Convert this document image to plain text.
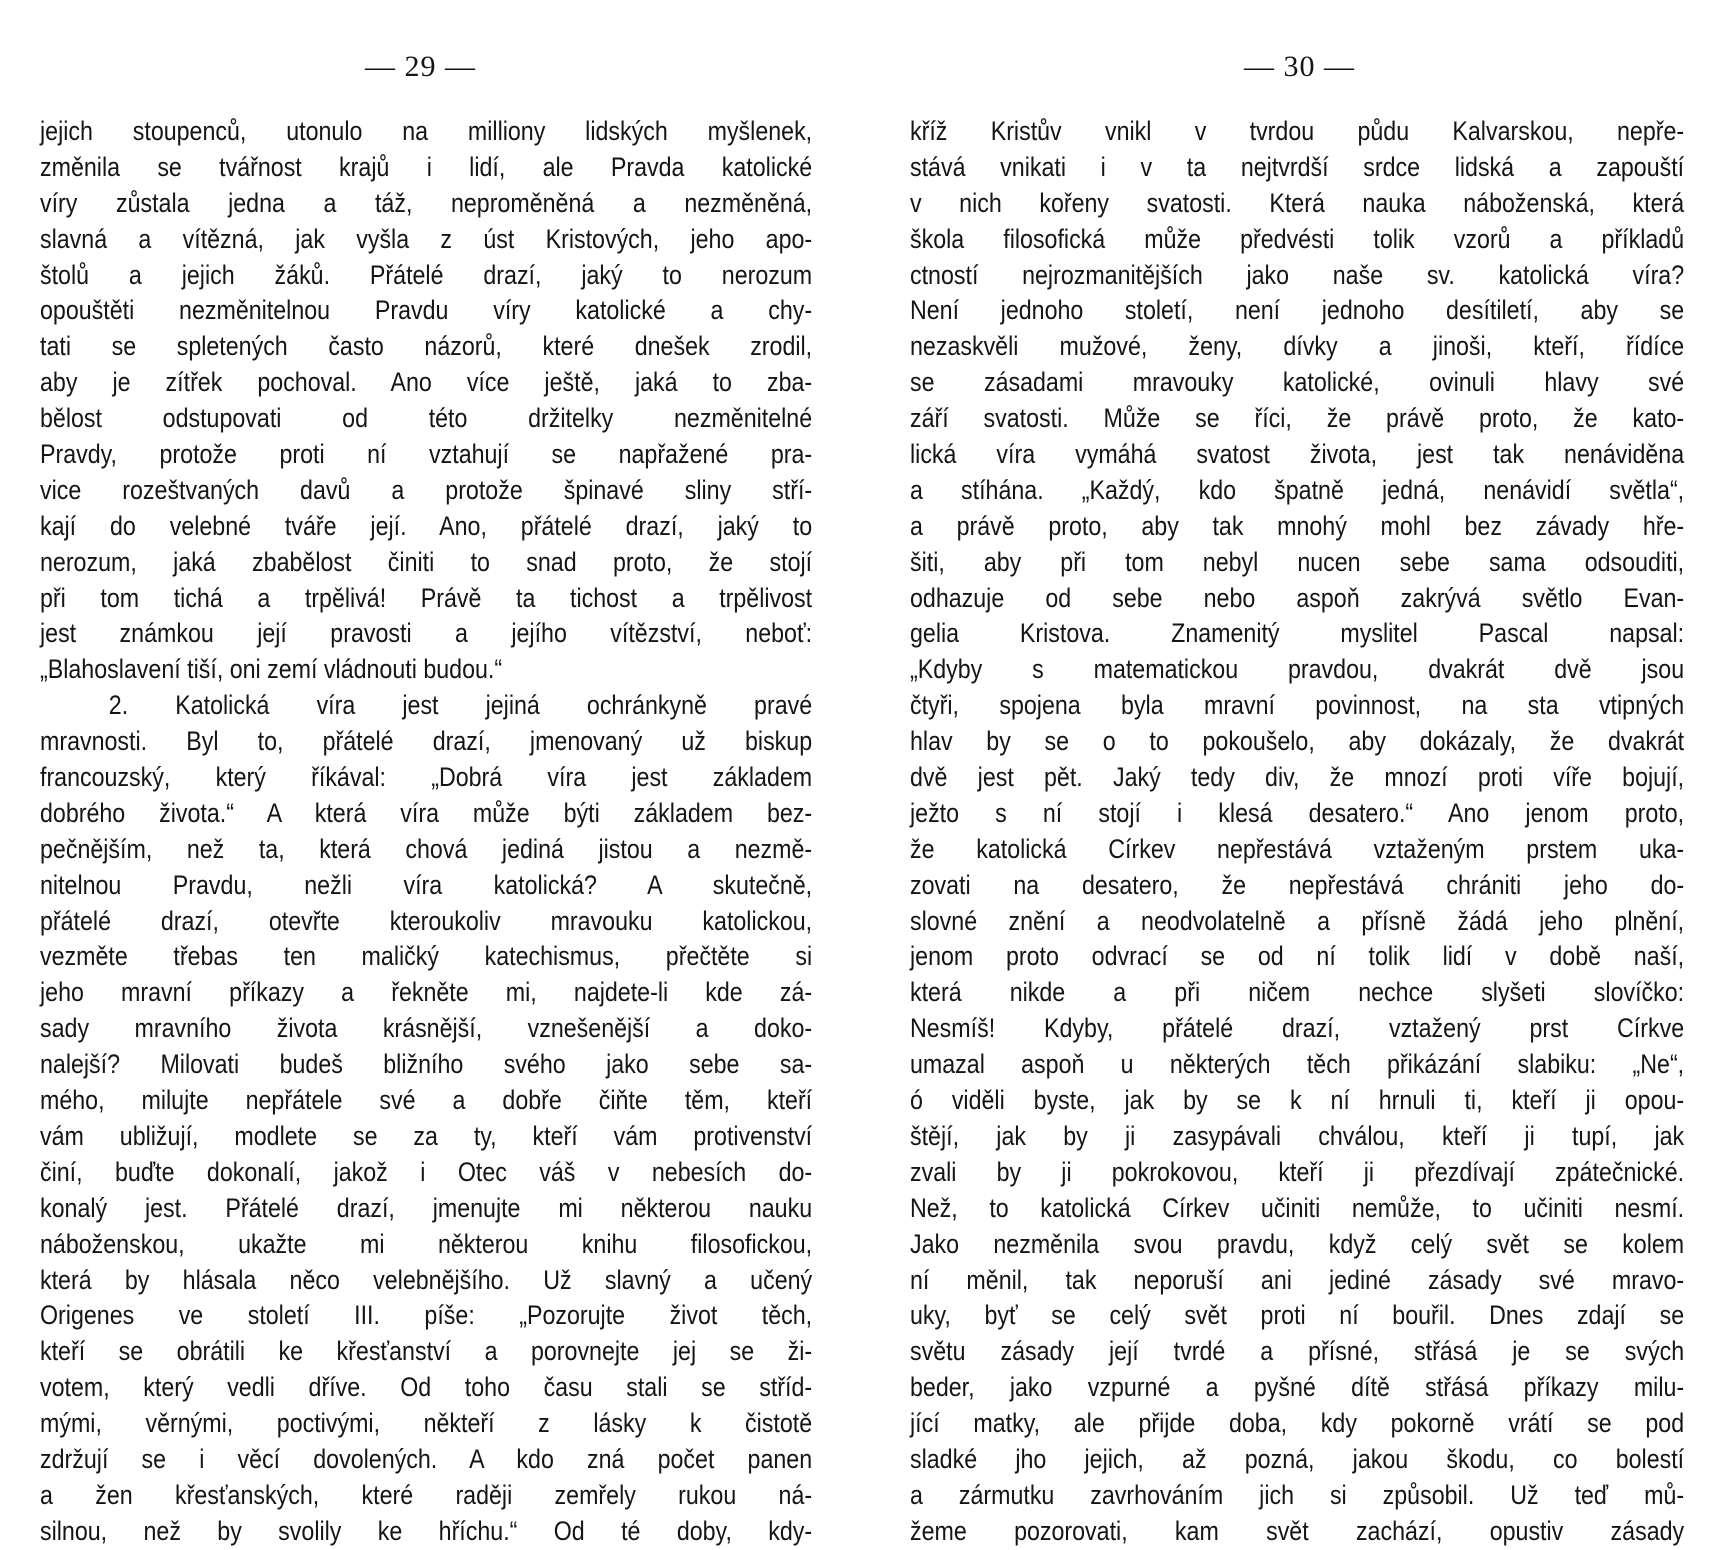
— 29 —
jejich stoupenců, utonulo na milliony lidských myšlenek,
změnila se tvářnost krajů i lidí, ale Pravda katolické
víry zůstala jedna a táž, neproměněná a nezměněná,
slavná a vítězná, jak vyšla z úst Kristových, jeho apo-
štolů a jejich žáků. Přátelé drazí, jaký to nerozum
opouštěti nezměnitelnou Pravdu víry katolické a chy-
tati se spletených často názorů, které dnešek zrodil,
aby je zítřek pochoval. Ano více ještě, jaká to zba-
bělost odstupovati od této držitelky nezměnitelné
Pravdy, protože proti ní vztahují se napřažené pra-
vice rozeštvaných davů a protože špinavé sliny stří-
kají do velebné tváře její. Ano, přátelé drazí, jaký to
nerozum, jaká zbabělost činiti to snad proto, že stojí
při tom tichá a trpělivá! Právě ta tichost a trpělivost
jest známkou její pravosti a jejího vítězství, neboť:
„Blahoslavení tiší, oni zemí vládnouti budou.“
2. Katolická víra jest jejiná ochránkyně pravé
mravnosti. Byl to, přátelé drazí, jmenovaný už biskup
francouzský, který říkával: „Dobrá víra jest základem
dobrého života.“ A která víra může býti základem bez-
pečnějším, než ta, která chová jediná jistou a nezmě-
nitelnou Pravdu, nežli víra katolická? A skutečně,
přátelé drazí, otevřte kteroukoliv mravouku katolickou,
vezměte třebas ten maličký katechismus, přečtěte si
jeho mravní příkazy a řekněte mi, najdete-li kde zá-
sady mravního života krásnější, vznešenější a doko-
nalejší? Milovati budeš bližního svého jako sebe sa-
mého, milujte nepřátele své a dobře čiňte těm, kteří
vám ubližují, modlete se za ty, kteří vám protivenství
činí, buďte dokonalí, jakož i Otec váš v nebesích do-
konalý jest. Přátelé drazí, jmenujte mi některou nauku
náboženskou, ukažte mi některou knihu filosofickou,
která by hlásala něco velebnějšího. Už slavný a učený
Origenes ve století III. píše: „Pozorujte život těch,
kteří se obrátili ke křesťanství a porovnejte jej se ži-
votem, který vedli dříve. Od toho času stali se stříd-
mými, věrnými, poctivými, někteří z lásky k čistotě
zdržují se i věcí dovolených. A kdo zná počet panen
a žen křesťanských, které raději zemřely rukou ná-
silnou, než by svolily ke hříchu.“ Od té doby, kdy-
— 30 —
kříž Kristův vnikl v tvrdou půdu Kalvarskou, nepře-
stává vnikati i v ta nejtvrdší srdce lidská a zapouští
v nich kořeny svatosti. Která nauka náboženská, která
škola filosofická může předvésti tolik vzorů a příkladů
ctností nejrozmanitějších jako naše sv. katolická víra?
Není jednoho století, není jednoho desítiletí, aby se
nezaskvěli mužové, ženy, dívky a jinoši, kteří, řídíce
se zásadami mravouky katolické, ovinuli hlavy své
září svatosti. Může se říci, že právě proto, že kato-
lická víra vymáhá svatost života, jest tak nenáviděna
a stíhána. „Každý, kdo špatně jedná, nenávidí světla“,
a právě proto, aby tak mnohý mohl bez závady hře-
šiti, aby při tom nebyl nucen sebe sama odsouditi,
odhazuje od sebe nebo aspoň zakrývá světlo Evan-
gelia Kristova. Znamenitý myslitel Pascal napsal:
„Kdyby s matematickou pravdou, dvakrát dvě jsou
čtyři, spojena byla mravní povinnost, na sta vtipných
hlav by se o to pokoušelo, aby dokázaly, že dvakrát
dvě jest pět. Jaký tedy div, že mnozí proti víře bojují,
ježto s ní stojí i klesá desatero.“ Ano jenom proto,
že katolická Církev nepřestává vztaženým prstem uka-
zovati na desatero, že nepřestává chrániti jeho do-
slovné znění a neodvolatelně a přísně žádá jeho plnění,
jenom proto odvrací se od ní tolik lidí v době naší,
která nikde a při ničem nechce slyšeti slovíčko:
Nesmíš! Kdyby, přátelé drazí, vztažený prst Církve
umazal aspoň u některých těch přikázání slabiku: „Ne“,
ó viděli byste, jak by se k ní hrnuli ti, kteří ji opou-
štějí, jak by ji zasypávali chválou, kteří ji tupí, jak
zvali by ji pokrokovou, kteří ji přezdívají zpátečnické.
Než, to katolická Církev učiniti nemůže, to učiniti nesmí.
Jako nezměnila svou pravdu, když celý svět se kolem
ní měnil, tak neporuší ani jediné zásady své mravo-
uky, byť se celý svět proti ní bouřil. Dnes zdají se
světu zásady její tvrdé a přísné, střásá je se svých
beder, jako vzpurné a pyšné dítě střásá příkazy milu-
jící matky, ale přijde doba, kdy pokorně vrátí se pod
sladké jho jejich, až pozná, jakou škodu, co bolestí
a zármutku zavrhováním jich si způsobil. Už teď mů-
žeme pozorovati, kam svět zachází, opustiv zásady
